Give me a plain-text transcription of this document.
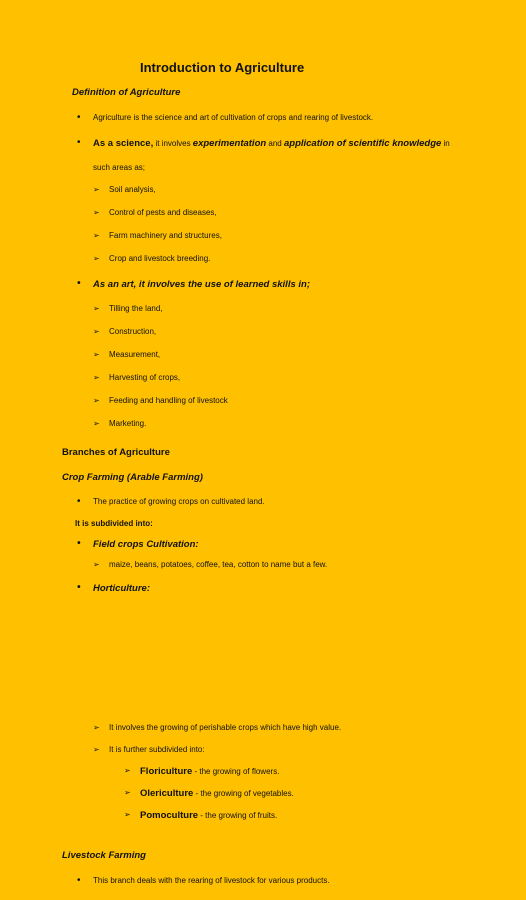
Introduction to Agriculture
Definition of Agriculture
• Agriculture is the science and art of cultivation of crops and rearing of livestock.
• As a science, it involves experimentation and application of scientific knowledge in such areas as;
➢ Soil analysis,
➢ Control of pests and diseases,
➢ Farm machinery and structures,
➢ Crop and livestock breeding.
• As an art, it involves the use of learned skills in;
➢ Tilling the land,
➢ Construction,
➢ Measurement,
➢ Harvesting of crops,
➢ Feeding and handling of livestock
➢ Marketing.
Branches of Agriculture
Crop Farming (Arable Farming)
• The practice of growing crops on cultivated land.
It is subdivided into:
• Field crops Cultivation:
➢ maize, beans, potatoes, coffee, tea, cotton to name but a few.
• Horticulture:
➢ It involves the growing of perishable crops which have high value.
➢ It is further subdivided into:
➢ Floriculture - the growing of flowers.
➢ Olericulture - the growing of vegetables.
➢ Pomoculture - the growing of fruits.
Livestock Farming
• This branch deals with the rearing of livestock for various products.
